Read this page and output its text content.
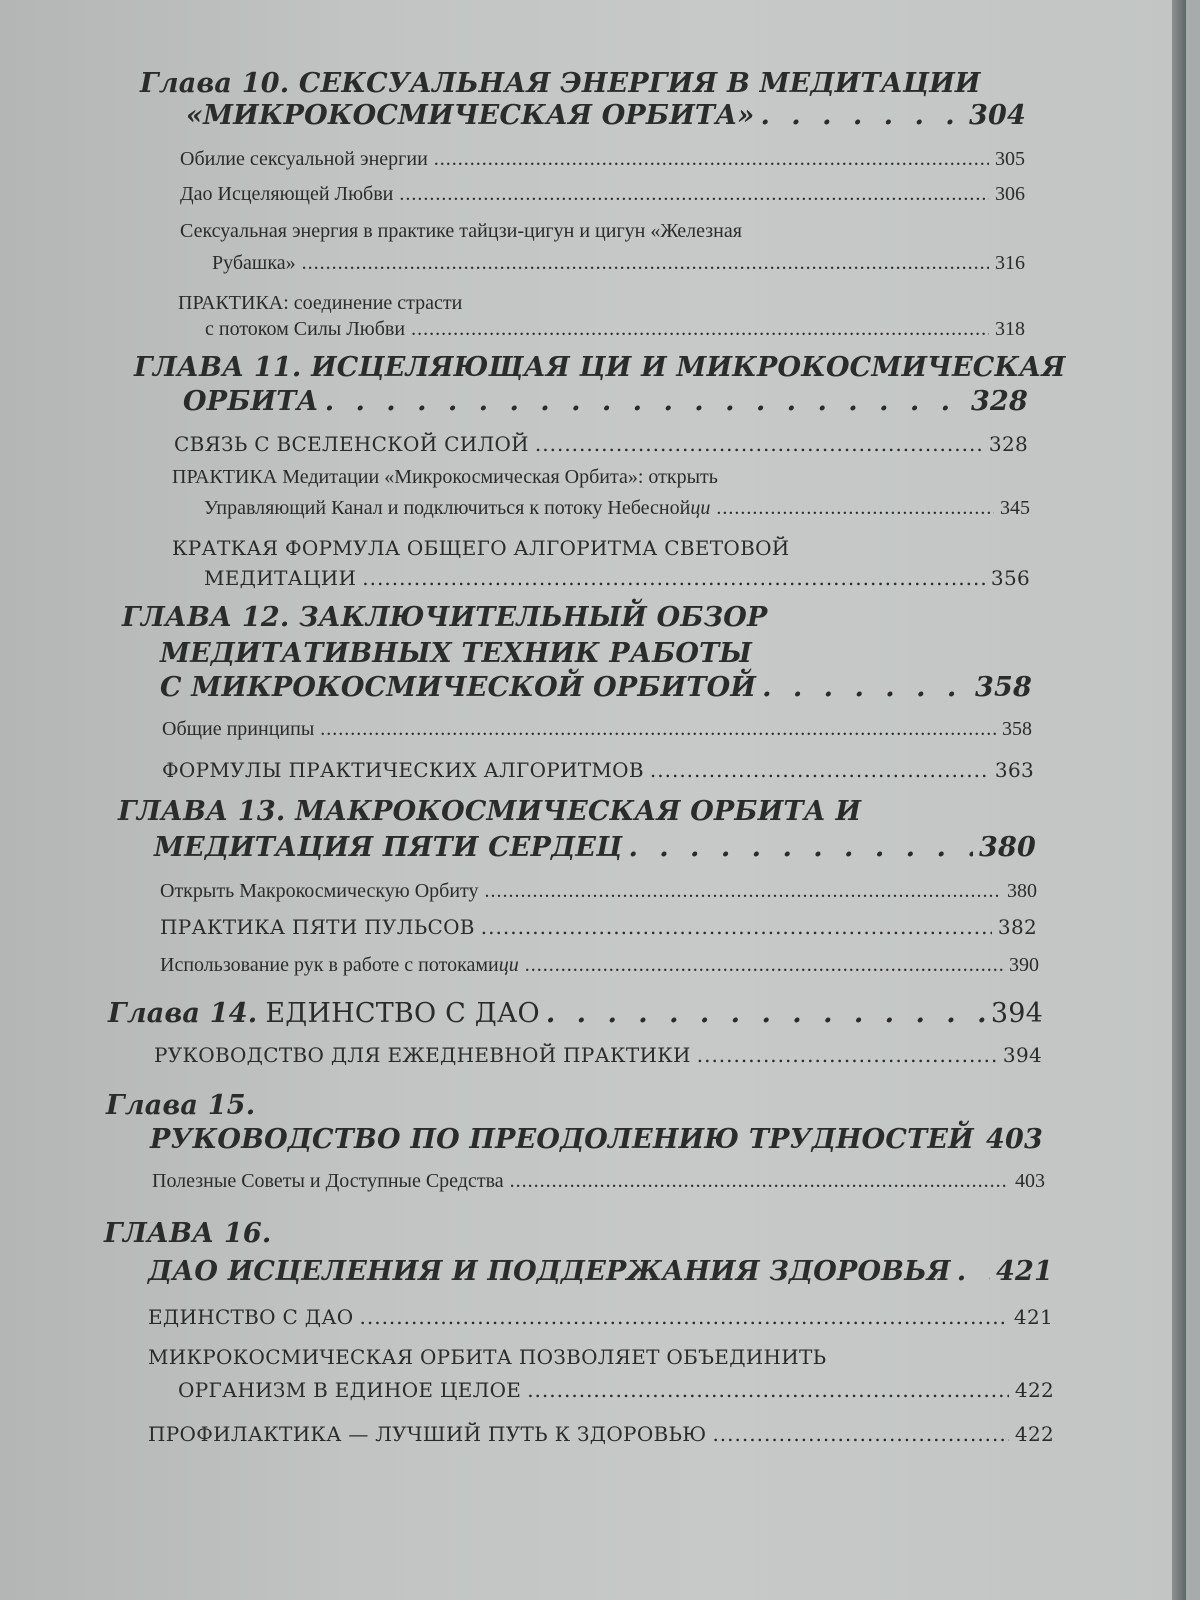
Глава 10. СЕКСУАЛЬНАЯ ЭНЕРГИЯ В МЕДИТАЦИИ
«МИКРОКОСМИЧЕСКАЯ ОРБИТА» . . .	304
Обилие сексуальной энергии .....	305
Дао Исцеляющей Любви .....	306
Сексуальная энергия в практике тайцзи-цигун и цигун «Железная
Рубашка» .....	316
ПРАКТИКА: соединение страсти
с потоком Силы Любви .....	318
ГЛАВА 11. ИСЦЕЛЯЮЩАЯ ЦИ И МИКРОКОСМИЧЕСКАЯ
ОРБИТА . . .	328
СВЯЗЬ С ВСЕЛЕНСКОЙ СИЛОЙ .....	328
ПРАКТИКА Медитации «Микрокосмическая Орбита»: открыть
Управляющий Канал и подключиться к потоку Небесной ци .....	345
КРАТКАЯ ФОРМУЛА ОБЩЕГО АЛГОРИТМА СВЕТОВОЙ
МЕДИТАЦИИ .....	356
ГЛАВА 12. ЗАКЛЮЧИТЕЛЬНЫЙ ОБЗОР
МЕДИТАТИВНЫХ ТЕХНИК РАБОТЫ
С МИКРОКОСМИЧЕСКОЙ ОРБИТОЙ . . .	358
Общие принципы .....	358
ФОРМУЛЫ ПРАКТИЧЕСКИХ АЛГОРИТМОВ .....	363
ГЛАВА 13. МАКРОКОСМИЧЕСКАЯ ОРБИТА И
МЕДИТАЦИЯ ПЯТИ СЕРДЕЦ . . .	380
Открыть Макрокосмическую Орбиту .....	380
ПРАКТИКА ПЯТИ ПУЛЬСОВ .....	382
Использование рук в работе с потоками ци .....	390
Глава 14. ЕДИНСТВО С ДАО . . .	394
РУКОВОДСТВО ДЛЯ ЕЖЕДНЕВНОЙ ПРАКТИКИ .....	394
Глава 15.
РУКОВОДСТВО ПО ПРЕОДОЛЕНИЮ ТРУДНОСТЕЙ . . . 403
Полезные Советы и Доступные Средства .....	403
ГЛАВА 16.
ДАО ИСЦЕЛЕНИЯ И ПОДДЕРЖАНИЯ ЗДОРОВЬЯ . . . 421
ЕДИНСТВО С ДАО .....	421
МИКРОКОСМИЧЕСКАЯ ОРБИТА ПОЗВОЛЯЕТ ОБЪЕДИНИТЬ
ОРГАНИЗМ В ЕДИНОЕ ЦЕЛОЕ .....	422
ПРОФИЛАКТИКА — ЛУЧШИЙ ПУТЬ К ЗДОРОВЬЮ .....	422
